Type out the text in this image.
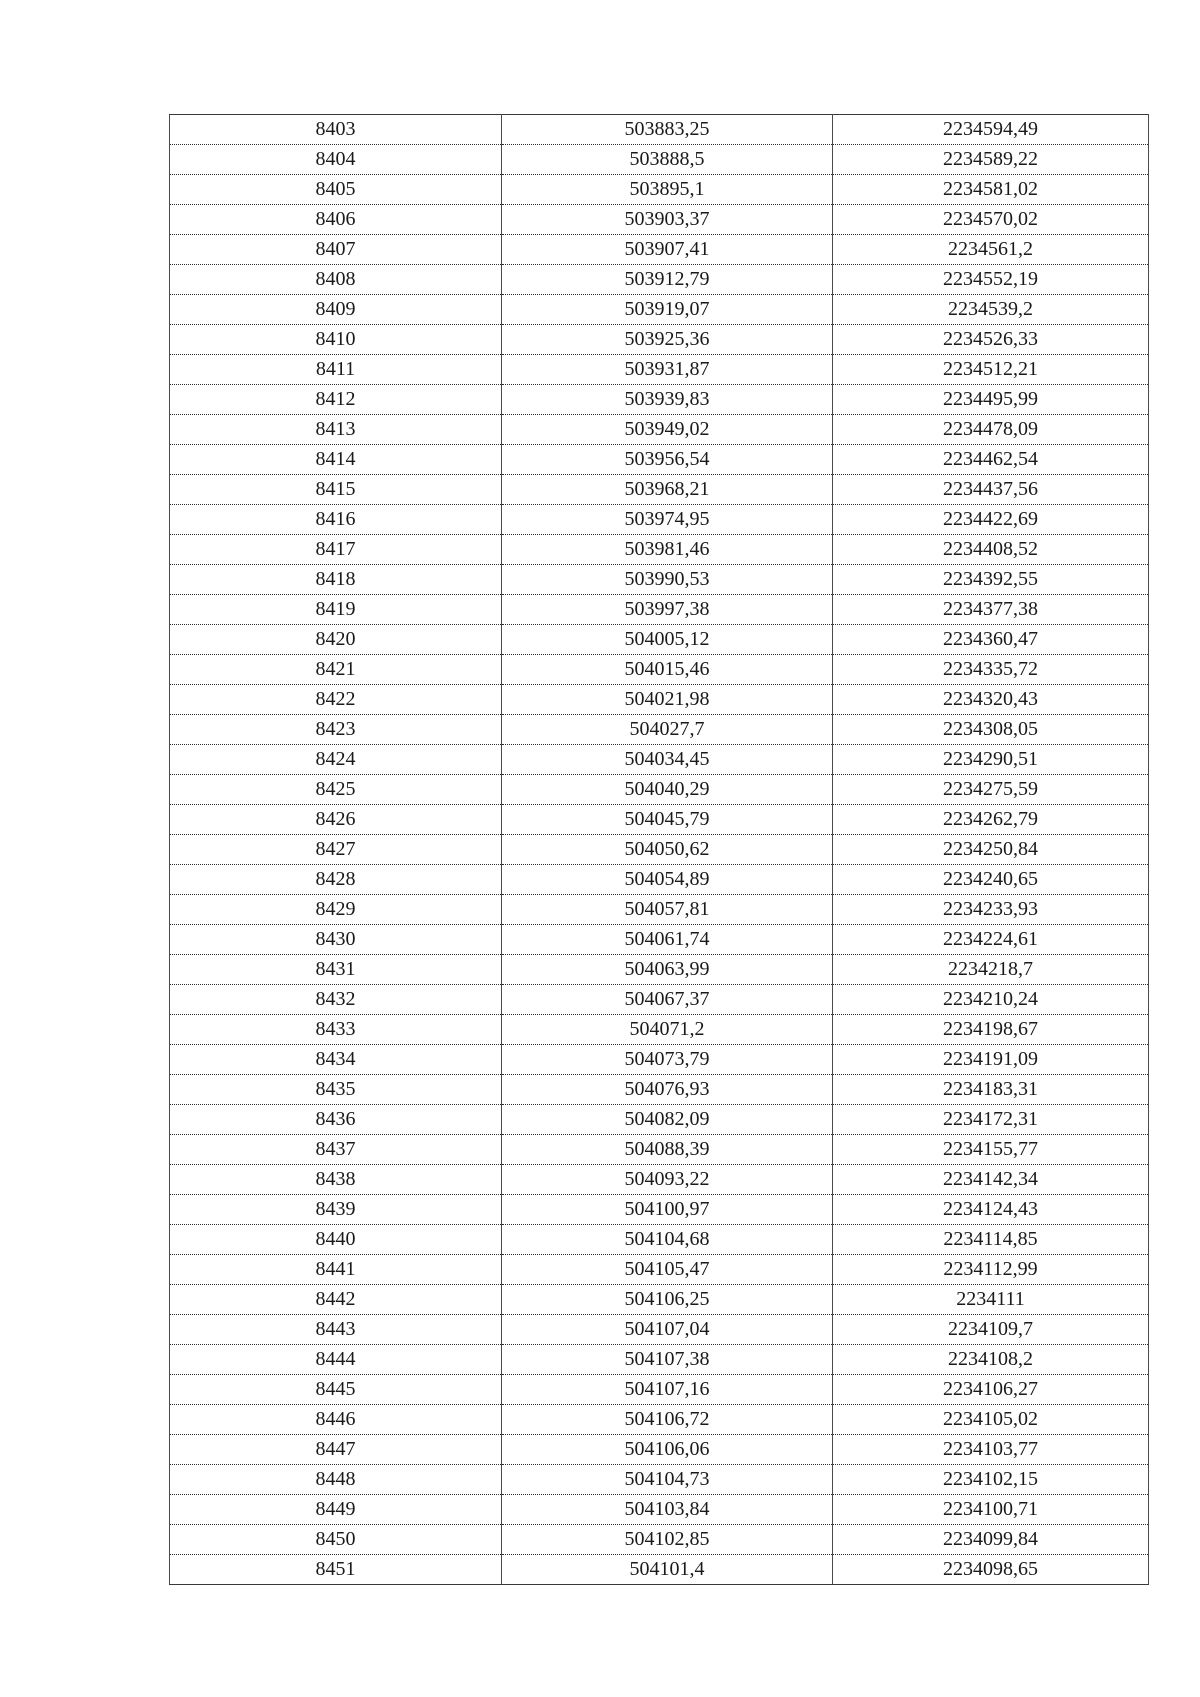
8403	503883,25	2234594,49
8404	503888,5	2234589,22
8405	503895,1	2234581,02
8406	503903,37	2234570,02
8407	503907,41	2234561,2
8408	503912,79	2234552,19
8409	503919,07	2234539,2
8410	503925,36	2234526,33
8411	503931,87	2234512,21
8412	503939,83	2234495,99
8413	503949,02	2234478,09
8414	503956,54	2234462,54
8415	503968,21	2234437,56
8416	503974,95	2234422,69
8417	503981,46	2234408,52
8418	503990,53	2234392,55
8419	503997,38	2234377,38
8420	504005,12	2234360,47
8421	504015,46	2234335,72
8422	504021,98	2234320,43
8423	504027,7	2234308,05
8424	504034,45	2234290,51
8425	504040,29	2234275,59
8426	504045,79	2234262,79
8427	504050,62	2234250,84
8428	504054,89	2234240,65
8429	504057,81	2234233,93
8430	504061,74	2234224,61
8431	504063,99	2234218,7
8432	504067,37	2234210,24
8433	504071,2	2234198,67
8434	504073,79	2234191,09
8435	504076,93	2234183,31
8436	504082,09	2234172,31
8437	504088,39	2234155,77
8438	504093,22	2234142,34
8439	504100,97	2234124,43
8440	504104,68	2234114,85
8441	504105,47	2234112,99
8442	504106,25	2234111
8443	504107,04	2234109,7
8444	504107,38	2234108,2
8445	504107,16	2234106,27
8446	504106,72	2234105,02
8447	504106,06	2234103,77
8448	504104,73	2234102,15
8449	504103,84	2234100,71
8450	504102,85	2234099,84
8451	504101,4	2234098,65
